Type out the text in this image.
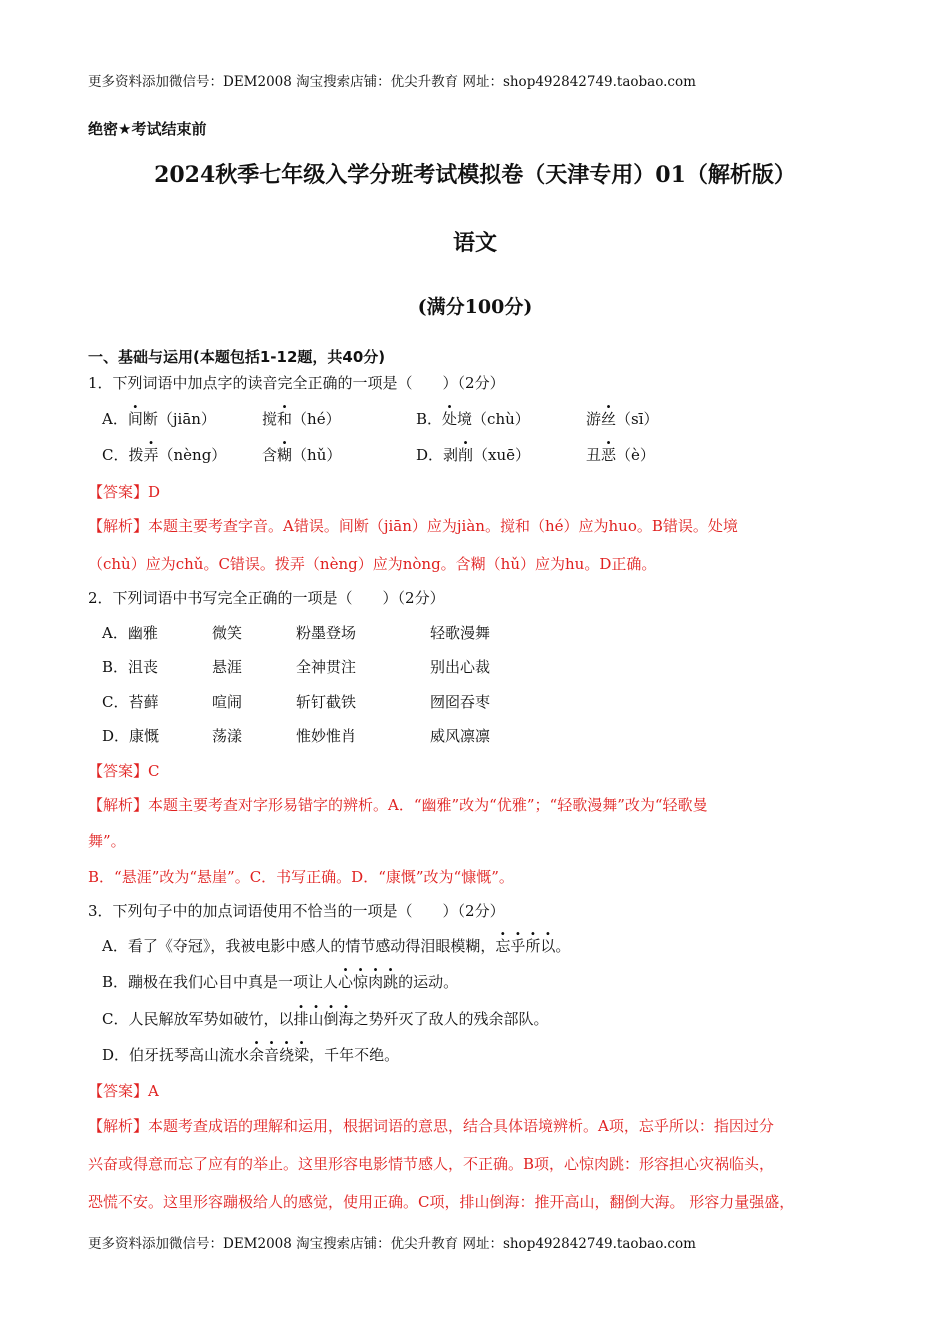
更多资料添加微信号：DEM2008 淘宝搜索店铺：优尖升教育 网址：shop492842749.taobao.com
绝密★考试结束前
2024秋季七年级入学分班考试模拟卷（天津专用）01（解析版）
语文
(满分100分)
一、基础与运用(本题包括1-12题，共40分)
1．下列词语中加点字的读音完全正确的一项是（　　）（2分）
A．间断（jiān）	搅和（hé）	B．处境（chù）	游丝（sī）
C．拨弄（nèng） 含糊（hǔ）	D．剥削（xuē）	丑恶（è）
【答案】D
【解析】本题主要考查字音。A错误。间断（jiān）应为jiàn。搅和（hé）应为huo。B错误。处境
（chù）应为chǔ。C错误。拨弄（nèng）应为nòng。含糊（hǔ）应为hu。D正确。
2．下列词语中书写完全正确的一项是（　　）（2分）
A．幽雅	微笑	粉墨登场	轻歌漫舞
B．沮丧	悬涯	全神贯注	别出心裁
C．苔藓	喧闹	斩钉截铁	囫囵吞枣
D．康慨	荡漾	惟妙惟肖	威风凛凛
【答案】C
【解析】本题主要考查对字形易错字的辨析。A．“幽雅”改为“优雅”；“轻歌漫舞”改为“轻歌曼
舞”。
B．“悬涯”改为“悬崖”。C．书写正确。D．“康慨”改为“慷慨”。
3．下列句子中的加点词语使用不恰当的一项是（　　）（2分）
A．看了《夺冠》，我被电影中感人的情节感动得泪眼模糊，忘乎所以。
B．蹦极在我们心目中真是一项让人心惊肉跳的运动。
C．人民解放军势如破竹，以排山倒海之势歼灭了敌人的残余部队。
D．伯牙抚琴高山流水余音绕梁，千年不绝。
【答案】A
【解析】本题考查成语的理解和运用，根据词语的意思，结合具体语境辨析。A项，忘乎所以：指因过分
兴奋或得意而忘了应有的举止。这里形容电影情节感人，不正确。B项，心惊肉跳：形容担心灾祸临头，
恐慌不安。这里形容蹦极给人的感觉，使用正确。C项，排山倒海：推开高山，翻倒大海。 形容力量强盛，
更多资料添加微信号：DEM2008 淘宝搜索店铺：优尖升教育 网址：shop492842749.taobao.com
